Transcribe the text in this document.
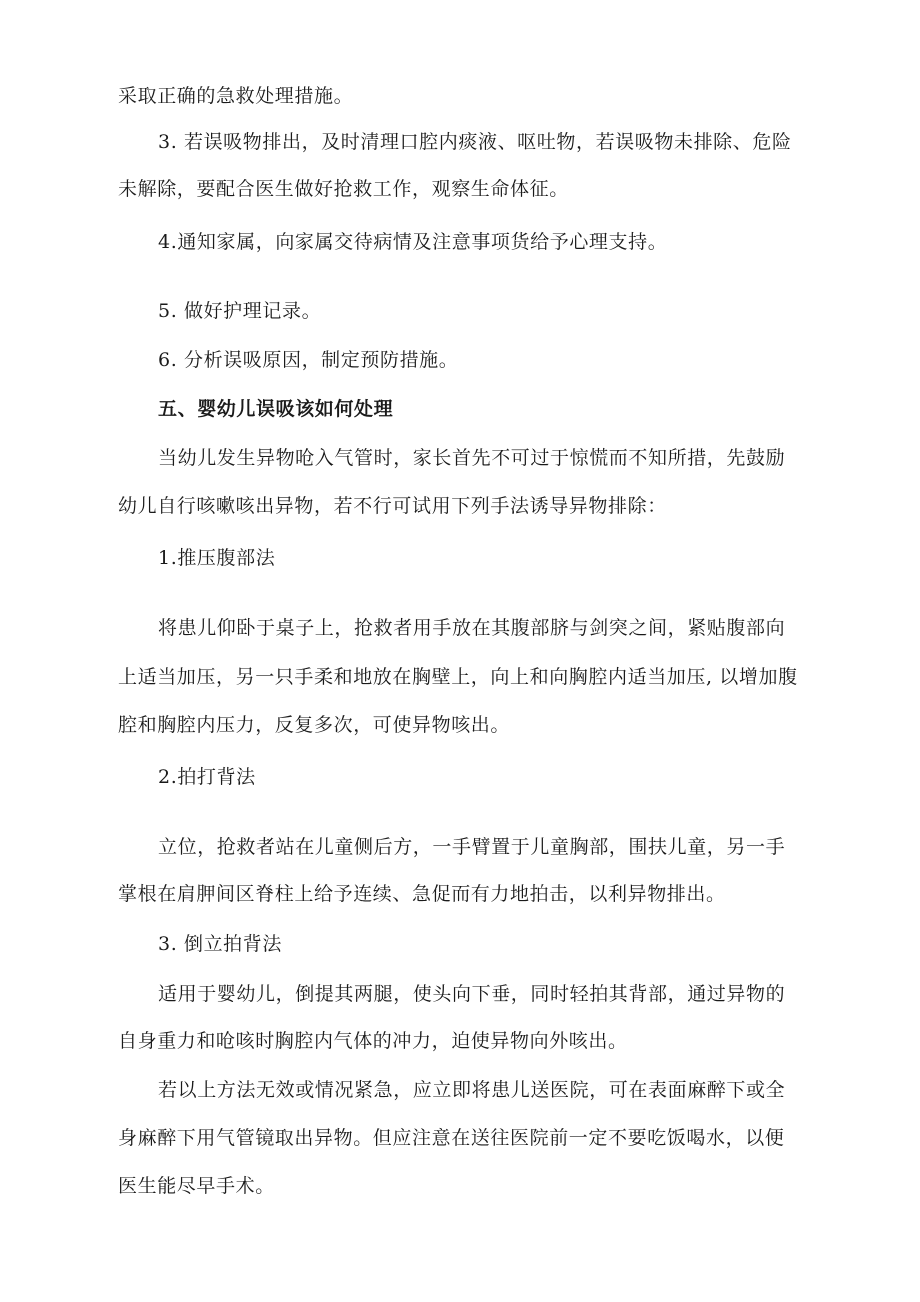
采取正确的急救处理措施。
3. 若误吸物排出，及时清理口腔内痰液、呕吐物，若误吸物未排除、危险
未解除，要配合医生做好抢救工作，观察生命体征。
4.通知家属，向家属交待病情及注意事项货给予心理支持。
5. 做好护理记录。
6. 分析误吸原因，制定预防措施。
五、婴幼儿误吸该如何处理
当幼儿发生异物呛入气管时，家长首先不可过于惊慌而不知所措，先鼓励
幼儿自行咳嗽咳出异物，若不行可试用下列手法诱导异物排除：
1.推压腹部法
将患儿仰卧于桌子上，抢救者用手放在其腹部脐与剑突之间，紧贴腹部向
上适当加压，另一只手柔和地放在胸壁上，向上和向胸腔内适当加压, 以增加腹
腔和胸腔内压力，反复多次，可使异物咳出。
2.拍打背法
立位，抢救者站在儿童侧后方，一手臂置于儿童胸部，围扶儿童，另一手
掌根在肩胛间区脊柱上给予连续、急促而有力地拍击，以利异物排出。
3. 倒立拍背法
适用于婴幼儿，倒提其两腿，使头向下垂，同时轻拍其背部，通过异物的
自身重力和呛咳时胸腔内气体的冲力，迫使异物向外咳出。
若以上方法无效或情况紧急，应立即将患儿送医院，可在表面麻醉下或全
身麻醉下用气管镜取出异物。但应注意在送往医院前一定不要吃饭喝水，以便
医生能尽早手术。
